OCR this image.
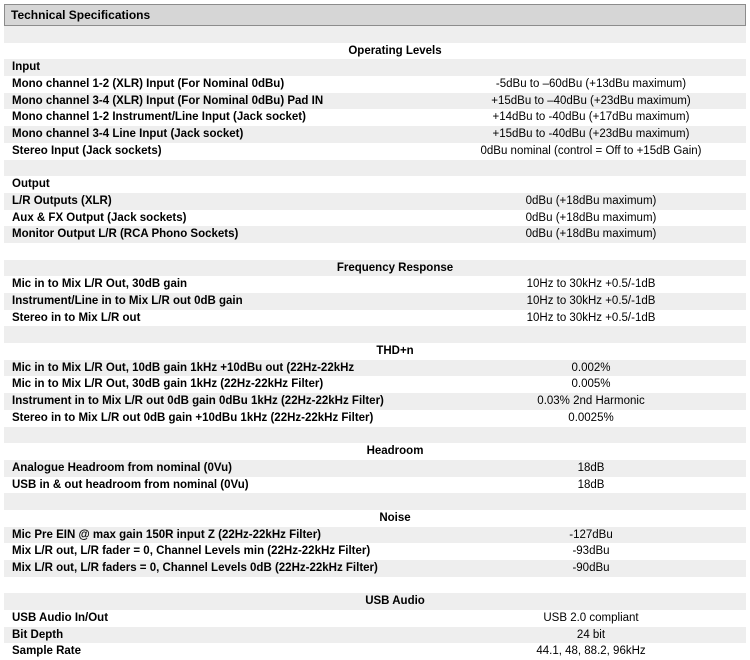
Technical Specifications
Operating Levels
Input
Mono channel 1-2 (XLR) Input (For Nominal 0dBu)	-5dBu to –60dBu (+13dBu maximum)
Mono channel 3-4 (XLR) Input (For Nominal 0dBu) Pad IN	+15dBu to –40dBu (+23dBu maximum)
Mono channel 1-2 Instrument/Line Input (Jack socket)	+14dBu to -40dBu (+17dBu maximum)
Mono channel 3-4 Line Input (Jack socket)	+15dBu to -40dBu (+23dBu maximum)
Stereo Input (Jack sockets)	0dBu nominal (control = Off to +15dB Gain)
Output
L/R Outputs (XLR)	0dBu (+18dBu maximum)
Aux & FX Output (Jack sockets)	0dBu (+18dBu maximum)
Monitor Output L/R (RCA Phono Sockets)	0dBu (+18dBu maximum)
Frequency Response
Mic in to Mix L/R Out, 30dB gain	10Hz to 30kHz +0.5/-1dB
Instrument/Line in to Mix L/R out 0dB gain	10Hz to 30kHz +0.5/-1dB
Stereo in to Mix L/R out	10Hz to 30kHz +0.5/-1dB
THD+n
Mic in to Mix L/R Out, 10dB gain 1kHz +10dBu out (22Hz-22kHz	0.002%
Mic in to Mix L/R Out, 30dB gain 1kHz (22Hz-22kHz Filter)	0.005%
Instrument in to Mix L/R out 0dB gain 0dBu 1kHz (22Hz-22kHz Filter)	0.03% 2nd Harmonic
Stereo in to Mix L/R out 0dB gain +10dBu 1kHz (22Hz-22kHz Filter)	0.0025%
Headroom
Analogue Headroom from nominal (0Vu)	18dB
USB in & out headroom from nominal (0Vu)	18dB
Noise
Mic Pre EIN @ max gain 150R input Z (22Hz-22kHz Filter)	-127dBu
Mix L/R out, L/R fader = 0, Channel Levels min (22Hz-22kHz Filter)	-93dBu
Mix L/R out, L/R faders = 0, Channel Levels 0dB (22Hz-22kHz Filter)	-90dBu
USB Audio
USB Audio In/Out	USB 2.0 compliant
Bit Depth	24 bit
Sample Rate	44.1, 48, 88.2, 96kHz
